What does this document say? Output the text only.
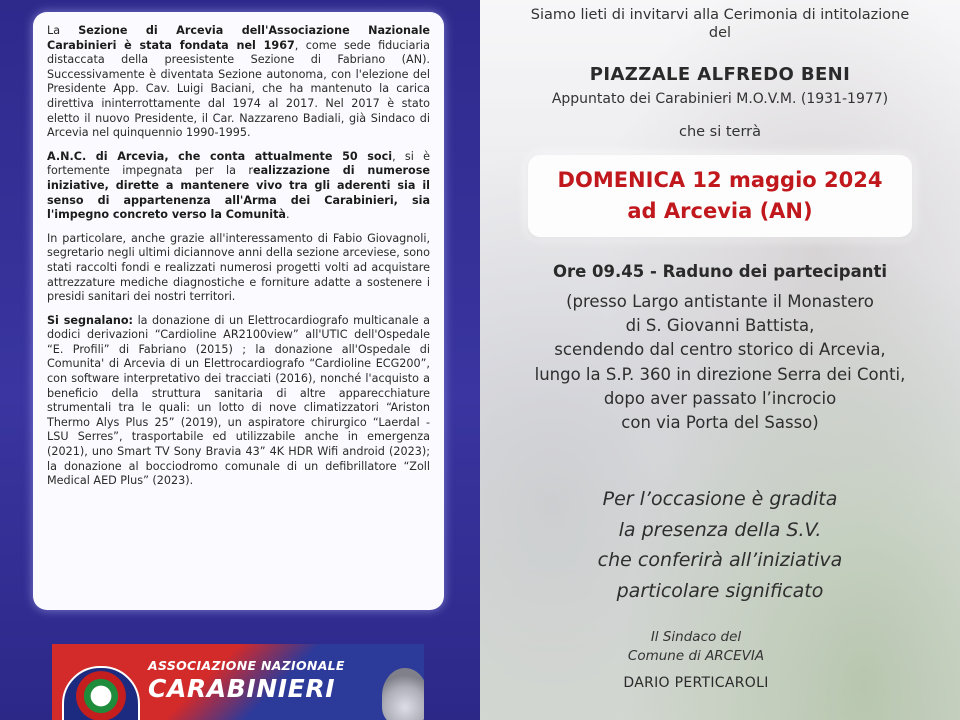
La Sezione di Arcevia dell'Associazione Nazionale Carabinieri è stata fondata nel 1967, come sede fiduciaria distaccata della preesistente Sezione di Fabriano (AN). Successivamente è diventata Sezione autonoma, con l'elezione del Presidente App. Cav. Luigi Baciani, che ha mantenuto la carica direttiva ininterrottamente dal 1974 al 2017. Nel 2017 è stato eletto il nuovo Presidente, il Car. Nazzareno Badiali, già Sindaco di Arcevia nel quinquennio 1990-1995.

A.N.C. di Arcevia, che conta attualmente 50 soci, si è fortemente impegnata per la realizzazione di numerose iniziative, dirette a mantenere vivo tra gli aderenti sia il senso di appartenenza all'Arma dei Carabinieri, sia l'impegno concreto verso la Comunità.

In particolare, anche grazie all'interessamento di Fabio Giovagnoli, segretario negli ultimi diciannove anni della sezione arceviese, sono stati raccolti fondi e realizzati numerosi progetti volti ad acquistare attrezzature mediche diagnostiche e forniture adatte a sostenere i presidi sanitari dei nostri territori.

Si segnalano: la donazione di un Elettrocardiografo multicanale a dodici derivazioni “Cardioline AR2100view” all'UTIC dell'Ospedale “E. Profili” di Fabriano (2015) ; la donazione all'Ospedale di Comunita' di Arcevia di un Elettrocardiografo “Cardioline ECG200”, con software interpretativo dei tracciati (2016), nonché l'acquisto a beneficio della struttura sanitaria di altre apparecchiature strumentali tra le quali: un lotto di nove climatizzatori “Ariston Thermo Alys Plus 25” (2019), un aspiratore chirurgico “Laerdal - LSU Serres”, trasportabile ed utilizzabile anche in emergenza (2021), uno Smart TV Sony Bravia 43” 4K HDR Wifi android (2023); la donazione al bocciodromo comunale di un defibrillatore “Zoll Medical AED Plus” (2023).

ASSOCIAZIONE NAZIONALE
CARABINIERI
Siamo lieti di invitarvi alla Cerimonia di intitolazione
del
PIAZZALE ALFREDO BENI
Appuntato dei Carabinieri M.O.V.M. (1931-1977)
che si terrà
DOMENICA 12 maggio 2024
ad Arcevia (AN)
Ore 09.45 - Raduno dei partecipanti
(presso Largo antistante il Monastero
di S. Giovanni Battista,
scendendo dal centro storico di Arcevia,
lungo la S.P. 360 in direzione Serra dei Conti,
dopo aver passato l’incrocio
con via Porta del Sasso)
Per l’occasione è gradita
la presenza della S.V.
che conferirà all’iniziativa
particolare significato
Il Sindaco del
Comune di ARCEVIA
DARIO PERTICAROLI
